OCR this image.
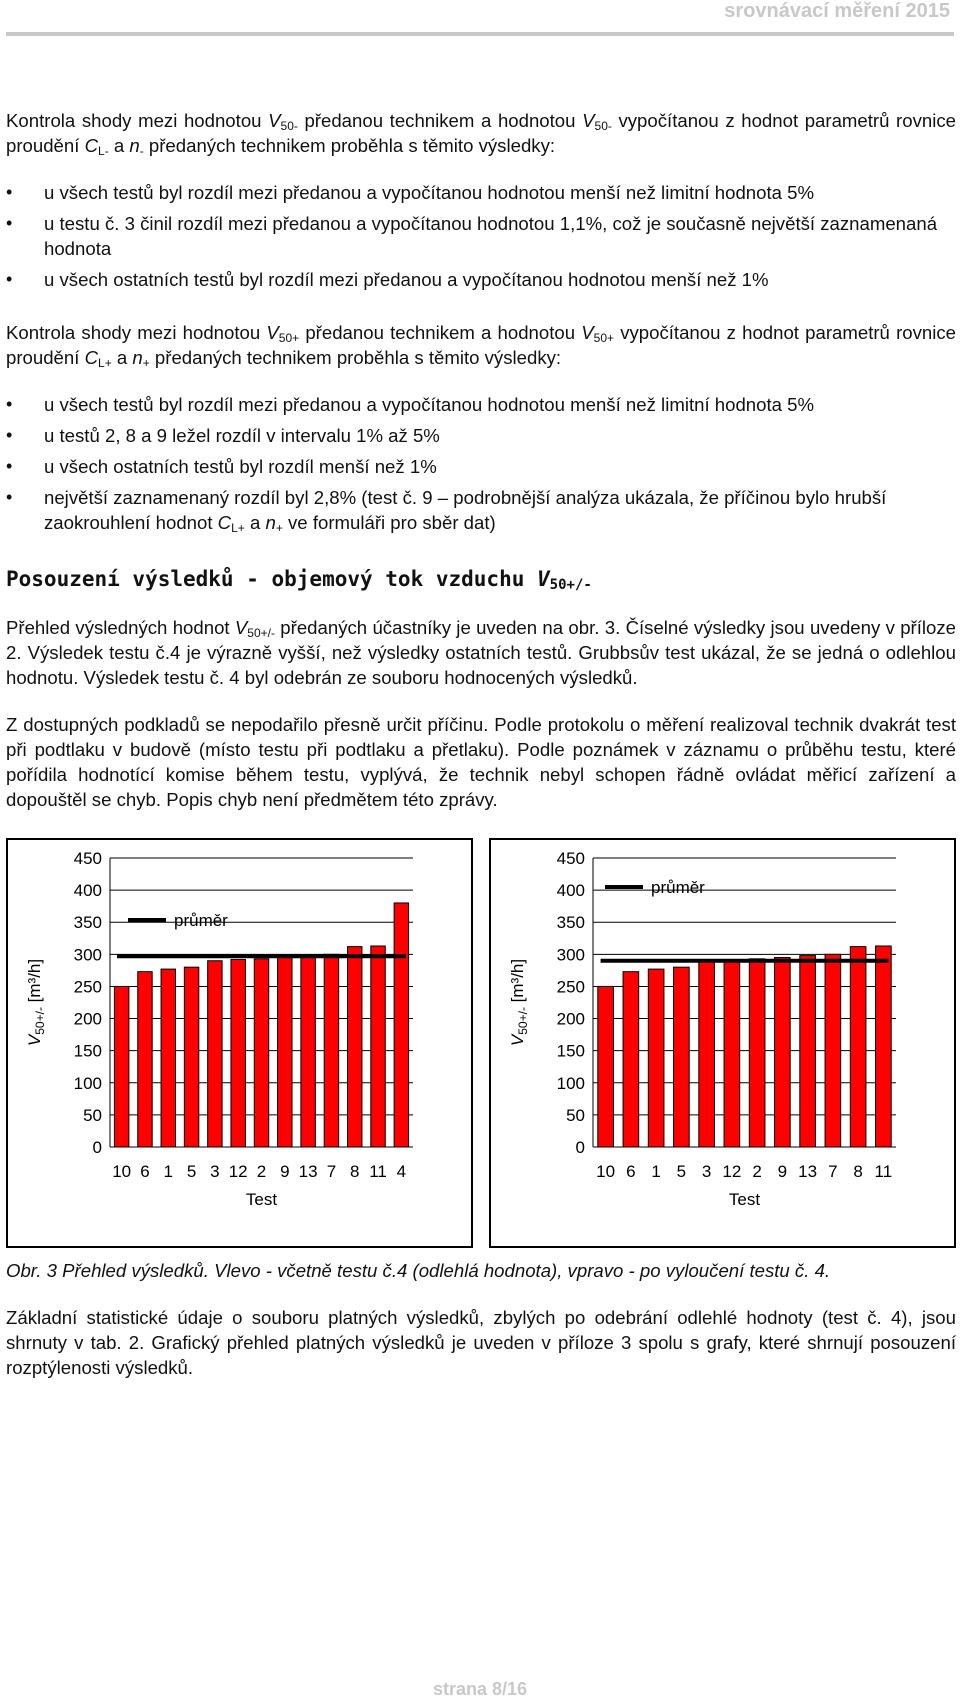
srovnávací měření 2015

Kontrola shody mezi hodnotou $V_{50-}$ předanou technikem a hodnotou $V_{50-}$ vypočítanou z hodnot parametrů rovnice proudění $C_{L-}$ a $n_-$ předaných technikem proběhla s těmito výsledky:

• u všech testů byl rozdíl mezi předanou a vypočítanou hodnotou menší než limitní hodnota 5%
• u testu č. 3 činil rozdíl mezi předanou a vypočítanou hodnotou 1,1%, což je současně největší zaznamenaná hodnota
• u všech ostatních testů byl rozdíl mezi předanou a vypočítanou hodnotou menší než 1%

Kontrola shody mezi hodnotou $V_{50+}$ předanou technikem a hodnotou $V_{50+}$ vypočítanou z hodnot parametrů rovnice proudění $C_{L+}$ a $n_+$ předaných technikem proběhla s těmito výsledky:

• u všech testů byl rozdíl mezi předanou a vypočítanou hodnotou menší než limitní hodnota 5%
• u testů 2, 8 a 9 ležel rozdíl v intervalu 1% až 5%
• u všech ostatních testů byl rozdíl menší než 1%
• největší zaznamenaný rozdíl byl 2,8% (test č. 9 – podrobnější analýza ukázala, že příčinou bylo hrubší zaokrouhlení hodnot $C_{L+}$ a $n_+$ ve formuláři pro sběr dat)

Posouzení výsledků - objemový tok vzduchu $V_{50+/-}$

Přehled výsledných hodnot $V_{50+/-}$ předaných účastníky je uveden na obr. 3. Číselné výsledky jsou uvedeny v příloze 2. Výsledek testu č.4 je výrazně vyšší, než výsledky ostatních testů. Grubbsův test ukázal, že se jedná o odlehlou hodnotu. Výsledek testu č. 4 byl odebrán ze souboru hodnocených výsledků.

Z dostupných podkladů se nepodařilo přesně určit příčinu. Podle protokolu o měření realizoval technik dvakrát test při podtlaku v budově (místo testu při podtlaku a přetlaku). Podle poznámek v záznamu o průběhu testu, které pořídila hodnotící komise během testu, vyplývá, že technik nebyl schopen řádně ovládat měřicí zařízení a dopouštěl se chyb. Popis chyb není předmětem této zprávy.

0
50
100
150
200
250
300
350
400
450
10 6 1 5 3 12 2 9 13 7 8 11 4
průměr
Test
$V_{50+/-}$ [m³/h]
0
50
100
150
200
250
300
350
400
450
10 6 1 5 3 12 2 9 13 7 8 11
průměr
Test
$V_{50+/-}$ [m³/h]

Obr. 3 Přehled výsledků. Vlevo - včetně testu č.4 (odlehlá hodnota), vpravo - po vyloučení testu č. 4.

Základní statistické údaje o souboru platných výsledků, zbylých po odebrání odlehlé hodnoty (test č. 4), jsou shrnuty v tab. 2. Grafický přehled platných výsledků je uveden v příloze 3 spolu s grafy, které shrnují posouzení rozptýlenosti výsledků.

strana 8/16
